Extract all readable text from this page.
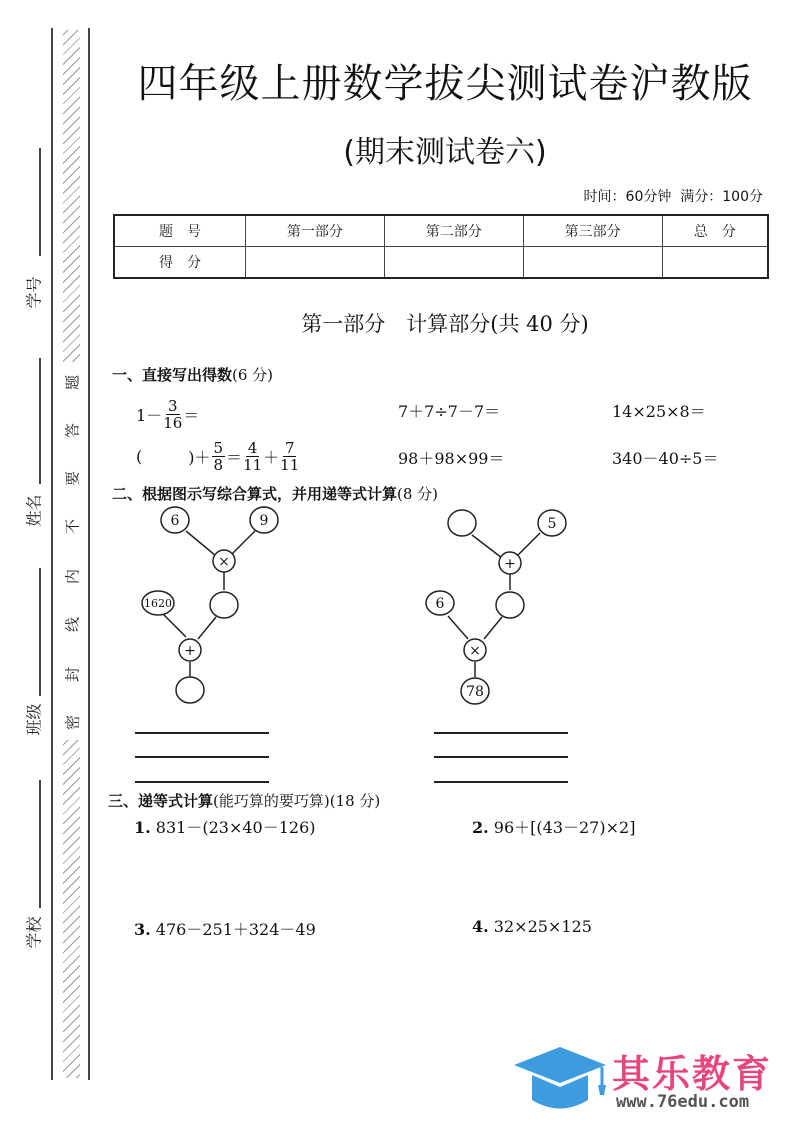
题
答
要
不
内
线
封
密
学号
姓名
班级
学校
四年级上册数学拔尖测试卷沪教版
(期末测试卷六)
时间：60分钟 满分：100分
题　号	第一部分	第二部分	第三部分	总　分
得　分				
第一部分　计算部分(共 40 分)
一、直接写出得数(6 分)
$1- \frac{3}{16}$ ＝	7＋7÷7－7＝	14×25×8＝
(	)＋ $\frac{5}{8} = \frac{4}{11} + \frac{7}{11}$	98＋98×99＝	340－40÷5＝
二、根据图示写综合算式，并用递等式计算(8 分)
6	9
×
1620
+
5
+
6
×
78
三、递等式计算(能巧算的要巧算)(18 分)
1. 831－(23×40－126)	2. 96＋[(43－27)×2]
3. 476－251＋324－49	4. 32×25×125
其乐教育
www.76edu.com
